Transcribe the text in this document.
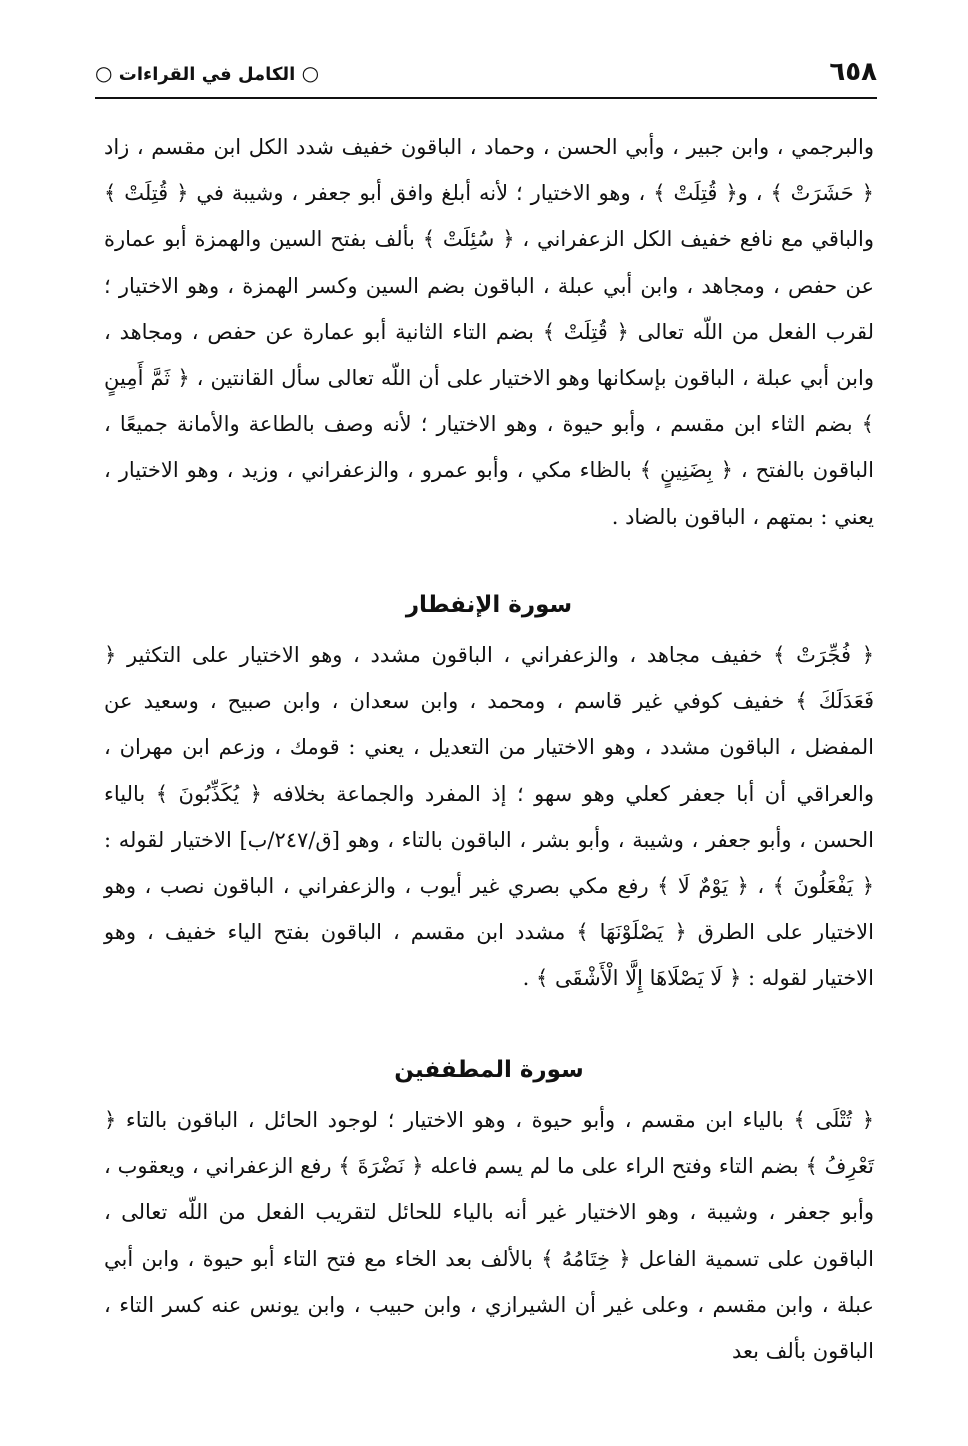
٦٥٨
○ الكامل في القراءات ○

والبرجمي ، وابن جبير ، وأبي الحسن ، وحماد ، الباقون خفيف شدد الكل ابن مقسم ، زاد ﴿ حَشَرَتْ ﴾ ، و﴿ قُتِلَتْ ﴾ ، وهو الاختيار ؛ لأنه أبلغ وافق أبو جعفر ، وشيبة في ﴿ قُتِلَتْ ﴾ والباقي مع نافع خفيف الكل الزعفراني ، ﴿ سُئِلَتْ ﴾ بألف بفتح السين والهمزة أبو عمارة عن حفص ، ومجاهد ، وابن أبي عبلة ، الباقون بضم السين وكسر الهمزة ، وهو الاختيار ؛ لقرب الفعل من اللّه تعالى ﴿ قُتِلَتْ ﴾ بضم التاء الثانية أبو عمارة عن حفص ، ومجاهد ، وابن أبي عبلة ، الباقون بإسكانها وهو الاختيار على أن اللّه تعالى سأل القانتين ، ﴿ ثَمَّ أَمِينٍ ﴾ بضم الثاء ابن مقسم ، وأبو حيوة ، وهو الاختيار ؛ لأنه وصف بالطاعة والأمانة جميعًا ، الباقون بالفتح ، ﴿ بِضَنِينٍ ﴾ بالظاء مكي ، وأبو عمرو ، والزعفراني ، وزيد ، وهو الاختيار ، يعني : بمتهم ، الباقون بالضاد .

سورة الإنفطار

﴿ فُجِّرَتْ ﴾ خفيف مجاهد ، والزعفراني ، الباقون مشدد ، وهو الاختيار على التكثير ﴿ فَعَدَلَكَ ﴾ خفيف كوفي غير قاسم ، ومحمد ، وابن سعدان ، وابن صبيح ، وسعيد عن المفضل ، الباقون مشدد ، وهو الاختيار من التعديل ، يعني : قومك ، وزعم ابن مهران ، والعراقي أن أبا جعفر كعلي وهو سهو ؛ إذ المفرد والجماعة بخلافه ﴿ يُكَذِّبُونَ ﴾ بالياء الحسن ، وأبو جعفر ، وشيبة ، وأبو بشر ، الباقون بالتاء ، وهو [ق/٢٤٧/ب] الاختيار لقوله : ﴿ يَفْعَلُونَ ﴾ ، ﴿ يَوْمٌ لَا ﴾ رفع مكي بصري غير أيوب ، والزعفراني ، الباقون نصب ، وهو الاختيار على الطرق ﴿ يَصْلَوْنَهَا ﴾ مشدد ابن مقسم ، الباقون بفتح الياء خفيف ، وهو الاختيار لقوله : ﴿ لَا يَصْلَاهَا إِلَّا الْأَشْقَى ﴾ .

سورة المطففين

﴿ تُتْلَى ﴾ بالياء ابن مقسم ، وأبو حيوة ، وهو الاختيار ؛ لوجود الحائل ، الباقون بالتاء ﴿ تَعْرِفُ ﴾ بضم التاء وفتح الراء على ما لم يسم فاعله ﴿ نَضْرَةَ ﴾ رفع الزعفراني ، ويعقوب ، وأبو جعفر ، وشيبة ، وهو الاختيار غير أنه بالياء للحائل لتقريب الفعل من اللّه تعالى ، الباقون على تسمية الفاعل ﴿ خِتَامُهُ ﴾ بالألف بعد الخاء مع فتح التاء أبو حيوة ، وابن أبي عبلة ، وابن مقسم ، وعلى غير أن الشيرازي ، وابن حبيب ، وابن يونس عنه كسر التاء ، الباقون بألف بعد
